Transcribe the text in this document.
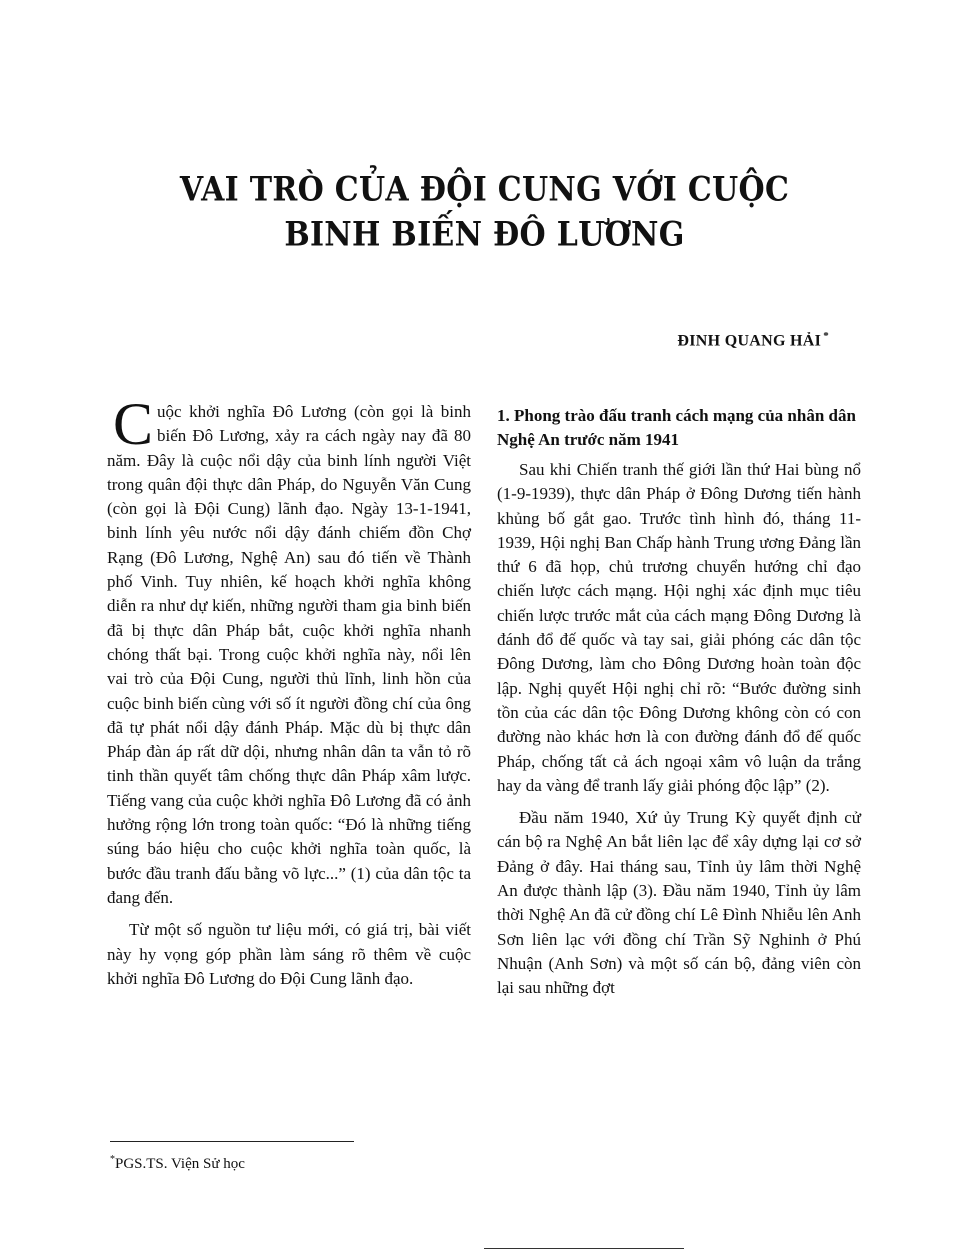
VAI TRÒ CỦA ĐỘI CUNG VỚI CUỘC
BINH BIẾN ĐÔ LƯƠNG
ĐINH QUANG HẢI *

Cuộc khởi nghĩa Đô Lương (còn gọi là binh biến Đô Lương, xảy ra cách ngày nay đã 80 năm. Đây là cuộc nổi dậy của binh lính người Việt trong quân đội thực dân Pháp, do Nguyễn Văn Cung (còn gọi là Đội Cung) lãnh đạo. Ngày 13-1-1941, binh lính yêu nước nổi dậy đánh chiếm đồn Chợ Rạng (Đô Lương, Nghệ An) sau đó tiến về Thành phố Vinh. Tuy nhiên, kế hoạch khởi nghĩa không diễn ra như dự kiến, những người tham gia binh biến đã bị thực dân Pháp bắt, cuộc khởi nghĩa nhanh chóng thất bại. Trong cuộc khởi nghĩa này, nổi lên vai trò của Đội Cung, người thủ lĩnh, linh hồn của cuộc binh biến cùng với số ít người đồng chí của ông đã tự phát nổi dậy đánh Pháp. Mặc dù bị thực dân Pháp đàn áp rất dữ dội, nhưng nhân dân ta vẫn tỏ rõ tinh thần quyết tâm chống thực dân Pháp xâm lược. Tiếng vang của cuộc khởi nghĩa Đô Lương đã có ảnh hưởng rộng lớn trong toàn quốc: “Đó là những tiếng súng báo hiệu cho cuộc khởi nghĩa toàn quốc, là bước đầu tranh đấu bằng võ lực...” (1) của dân tộc ta đang đến.

Từ một số nguồn tư liệu mới, có giá trị, bài viết này hy vọng góp phần làm sáng rõ thêm về cuộc khởi nghĩa Đô Lương do Đội Cung lãnh đạo.

1. Phong trào đấu tranh cách mạng của nhân dân Nghệ An trước năm 1941

Sau khi Chiến tranh thế giới lần thứ Hai bùng nổ (1-9-1939), thực dân Pháp ở Đông Dương tiến hành khủng bố gắt gao. Trước tình hình đó, tháng 11-1939, Hội nghị Ban Chấp hành Trung ương Đảng lần thứ 6 đã họp, chủ trương chuyển hướng chỉ đạo chiến lược cách mạng. Hội nghị xác định mục tiêu chiến lược trước mắt của cách mạng Đông Dương là đánh đổ đế quốc và tay sai, giải phóng các dân tộc Đông Dương, làm cho Đông Dương hoàn toàn độc lập. Nghị quyết Hội nghị chỉ rõ: “Bước đường sinh tồn của các dân tộc Đông Dương không còn có con đường nào khác hơn là con đường đánh đổ đế quốc Pháp, chống tất cả ách ngoại xâm vô luận da trắng hay da vàng để tranh lấy giải phóng độc lập” (2).

Đầu năm 1940, Xứ ủy Trung Kỳ quyết định cử cán bộ ra Nghệ An bắt liên lạc để xây dựng lại cơ sở Đảng ở đây. Hai tháng sau, Tỉnh ủy lâm thời Nghệ An được thành lập (3). Đầu năm 1940, Tỉnh ủy lâm thời Nghệ An đã cử đồng chí Lê Đình Nhiễu lên Anh Sơn liên lạc với đồng chí Trần Sỹ Nghinh ở Phú Nhuận (Anh Sơn) và một số cán bộ, đảng viên còn lại sau những đợt

*PGS.TS. Viện Sử học
